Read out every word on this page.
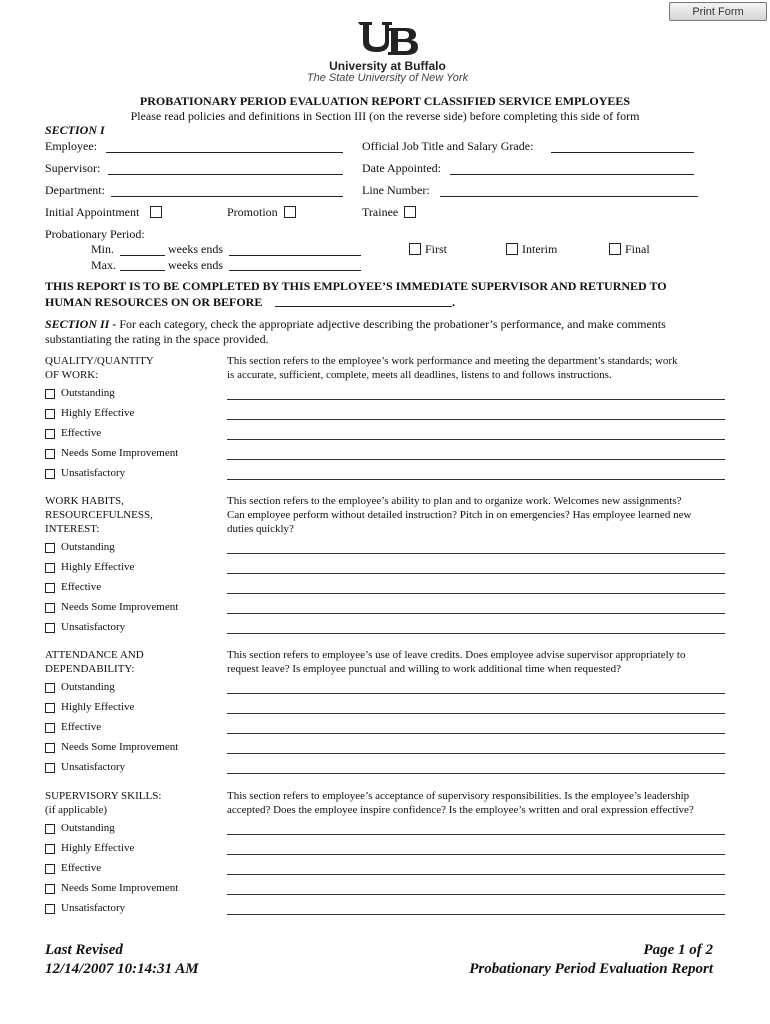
Print Form
University at Buffalo
The State University of New York
PROBATIONARY PERIOD EVALUATION REPORT CLASSIFIED SERVICE EMPLOYEES
Please read policies and definitions in Section III (on the reverse side) before completing this side of form
SECTION I
Employee:	Official Job Title and Salary Grade:
Supervisor:	Date Appointed:
Department:	Line Number:
Initial Appointment	Promotion	Trainee
Probationary Period:
Min.	weeks ends
Max.	weeks ends
First	Interim	Final
THIS REPORT IS TO BE COMPLETED BY THIS EMPLOYEE’S IMMEDIATE SUPERVISOR AND RETURNED TO
HUMAN RESOURCES ON OR BEFORE	.
SECTION II - For each category, check the appropriate adjective describing the probationer’s performance, and make comments
substantiating the rating in the space provided.
QUALITY/QUANTITY
OF WORK:
This section refers to the employee’s work performance and meeting the department’s standards; work
is accurate, sufficient, complete, meets all deadlines, listens to and follows instructions.
Outstanding
Highly Effective
Effective
Needs Some Improvement
Unsatisfactory
WORK HABITS,
RESOURCEFULNESS,
INTEREST:
This section refers to the employee’s ability to plan and to organize work. Welcomes new assignments?
Can employee perform without detailed instruction? Pitch in on emergencies? Has employee learned new
duties quickly?
Outstanding
Highly Effective
Effective
Needs Some Improvement
Unsatisfactory
ATTENDANCE AND
DEPENDABILITY:
This section refers to employee’s use of leave credits. Does employee advise supervisor appropriately to
request leave? Is employee punctual and willing to work additional time when requested?
Outstanding
Highly Effective
Effective
Needs Some Improvement
Unsatisfactory
SUPERVISORY SKILLS:
(if applicable)
This section refers to employee’s acceptance of supervisory responsibilities. Is the employee’s leadership
accepted? Does the employee inspire confidence? Is the employee’s written and oral expression effective?
Outstanding
Highly Effective
Effective
Needs Some Improvement
Unsatisfactory
Last Revised
12/14/2007 10:14:31 AM
Page 1 of 2
Probationary Period Evaluation Report
